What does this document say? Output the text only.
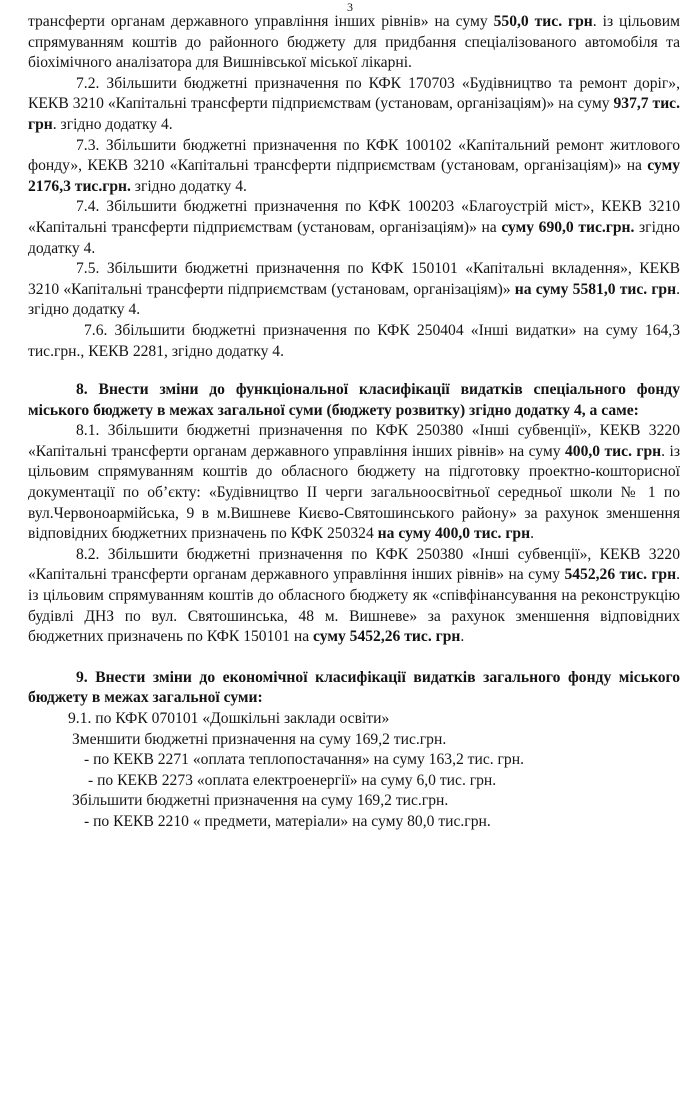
3

трансферти органам державного управління інших рівнів» на суму 550,0 тис. грн. із цільовим спрямуванням коштів до районного бюджету для придбання спеціалізованого автомобіля та біохімічного аналізатора для Вишнівської міської лікарні.

7.2. Збільшити бюджетні призначення по КФК 170703 «Будівництво та ремонт доріг», КЕКВ 3210 «Капітальні трансферти підприємствам (установам, організаціям)» на суму 937,7 тис. грн. згідно додатку 4.

7.3. Збільшити бюджетні призначення по КФК 100102 «Капітальний ремонт житлового фонду», КЕКВ 3210 «Капітальні трансферти підприємствам (установам, організаціям)» на суму 2176,3 тис.грн. згідно додатку 4.

7.4. Збільшити бюджетні призначення по КФК 100203 «Благоустрій міст», КЕКВ 3210 «Капітальні трансферти підприємствам (установам, організаціям)» на суму 690,0 тис.грн. згідно додатку 4.

7.5. Збільшити бюджетні призначення по КФК 150101 «Капітальні вкладення», КЕКВ 3210 «Капітальні трансферти підприємствам (установам, організаціям)» на суму 5581,0 тис. грн. згідно додатку 4.

7.6. Збільшити бюджетні призначення по КФК 250404 «Інші видатки» на суму 164,3 тис.грн., КЕКВ 2281, згідно додатку 4.

8. Внести зміни до функціональної класифікації видатків спеціального фонду міського бюджету в межах загальної суми (бюджету розвитку) згідно додатку 4, а саме:

8.1. Збільшити бюджетні призначення по КФК 250380 «Інші субвенції», КЕКВ 3220 «Капітальні трансферти органам державного управління інших рівнів» на суму 400,0 тис. грн. із цільовим спрямуванням коштів до обласного бюджету на підготовку проектно-кошторисної документації по об’єкту: «Будівництво II черги загальноосвітньої середньої школи № 1 по вул.Червоноармійська, 9 в м.Вишневе Києво-Святошинського району» за рахунок зменшення відповідних бюджетних призначень по КФК 250324 на суму 400,0 тис. грн.

8.2. Збільшити бюджетні призначення по КФК 250380 «Інші субвенції», КЕКВ 3220 «Капітальні трансферти органам державного управління інших рівнів» на суму 5452,26 тис. грн. із цільовим спрямуванням коштів до обласного бюджету як «співфінансування на реконструкцію будівлі ДНЗ по вул. Святошинська, 48 м. Вишневе» за рахунок зменшення відповідних бюджетних призначень по КФК 150101 на суму 5452,26 тис. грн.

9. Внести зміни до економічної класифікації видатків загального фонду міського бюджету в межах загальної суми:

9.1. по КФК 070101 «Дошкільні заклади освіти»

Зменшити бюджетні призначення на суму 169,2 тис.грн.

- по КЕКВ 2271 «оплата теплопостачання» на суму 163,2 тис. грн.

- по КЕКВ 2273 «оплата електроенергії» на суму 6,0 тис. грн.

Збільшити бюджетні призначення на суму 169,2 тис.грн.

- по КЕКВ 2210 « предмети, матеріали» на суму 80,0 тис.грн.
